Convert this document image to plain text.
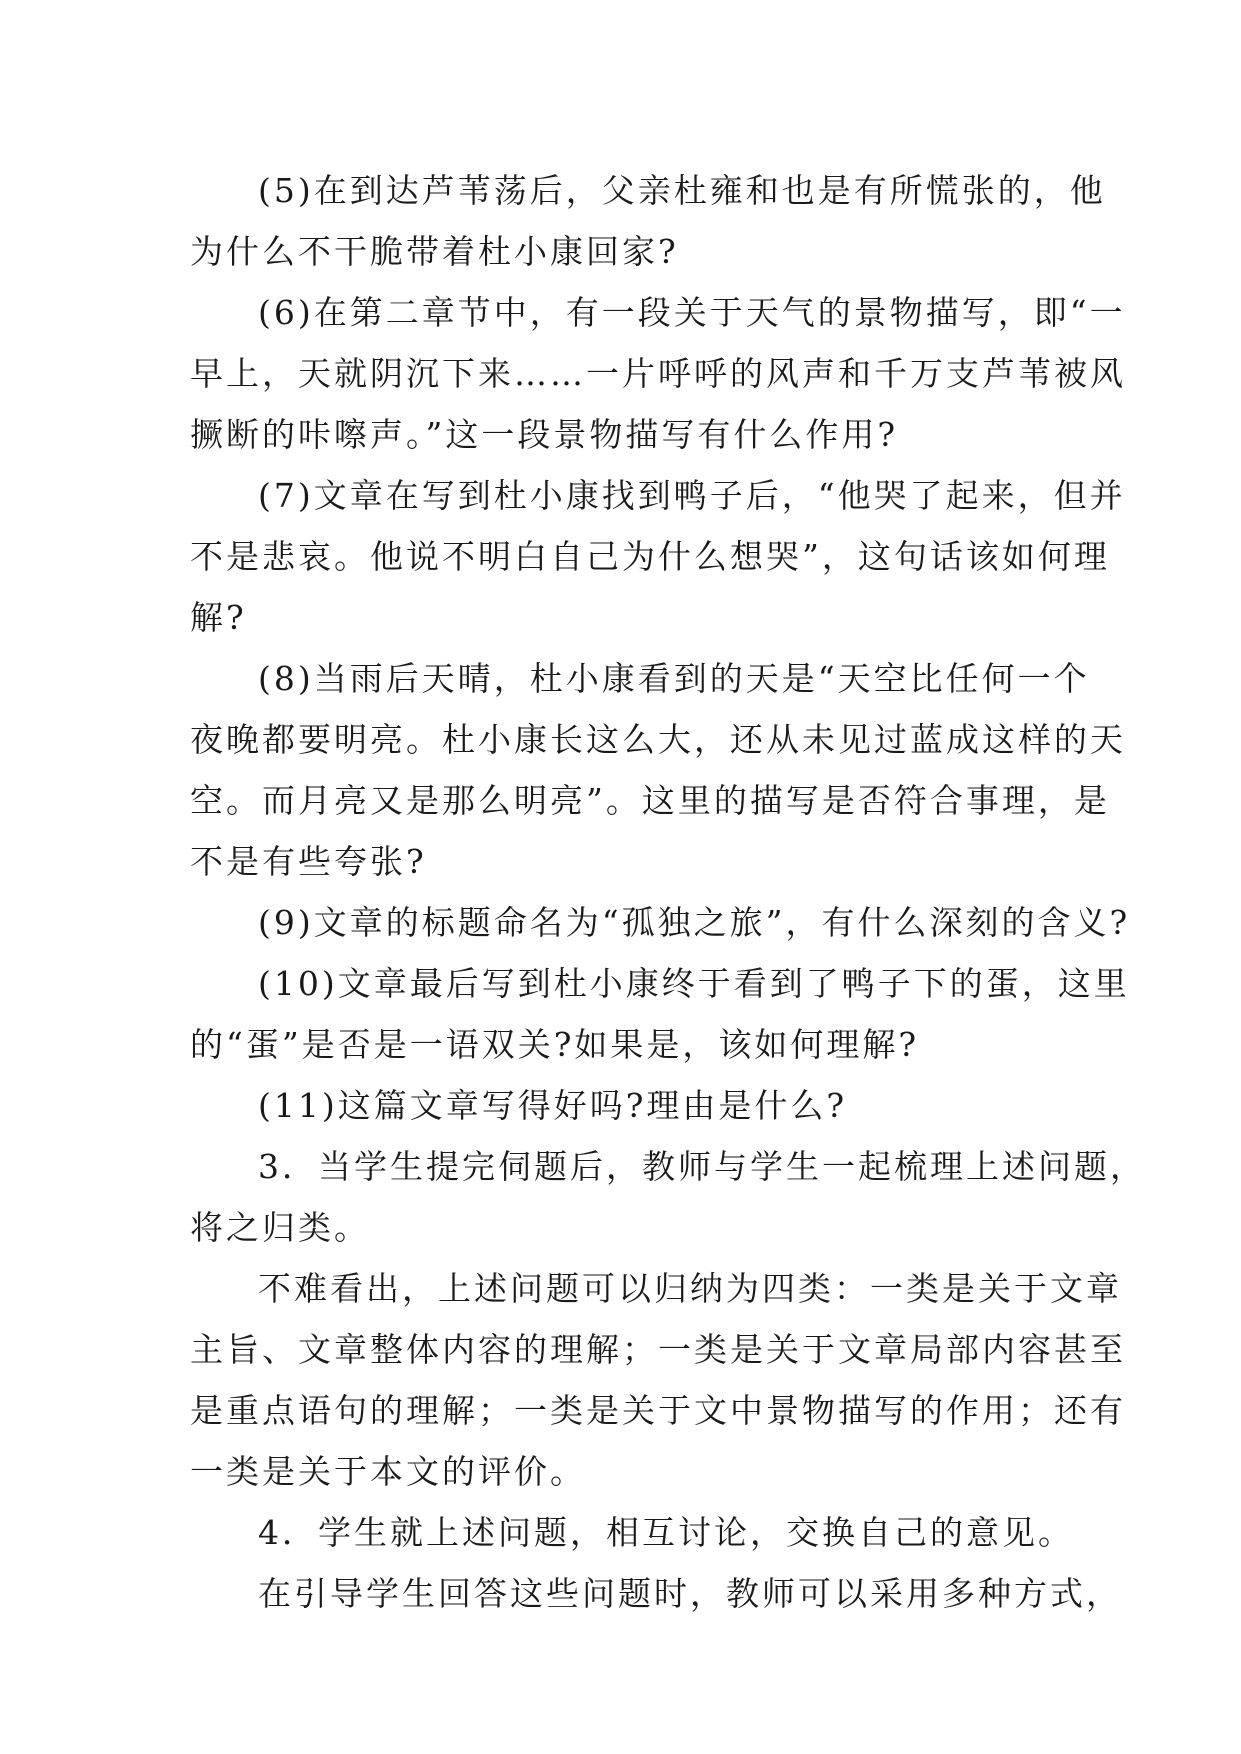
(5)在到达芦苇荡后，父亲杜雍和也是有所慌张的，他
为什么不干脆带着杜小康回家?
(6)在第二章节中，有一段关于天气的景物描写，即“一
早上，天就阴沉下来……一片呼呼的风声和千万支芦苇被风
撅断的咔嚓声。”这一段景物描写有什么作用?
(7)文章在写到杜小康找到鸭子后，“他哭了起来，但并
不是悲哀。他说不明白自己为什么想哭”，这句话该如何理
解?
(8)当雨后天晴，杜小康看到的天是“天空比任何一个
夜晚都要明亮。杜小康长这么大，还从未见过蓝成这样的天
空。而月亮又是那么明亮”。这里的描写是否符合事理，是
不是有些夸张?
(9)文章的标题命名为“孤独之旅”，有什么深刻的含义?
(10)文章最后写到杜小康终于看到了鸭子下的蛋，这里
的“蛋”是否是一语双关?如果是，该如何理解?
(11)这篇文章写得好吗?理由是什么?
3．当学生提完伺题后，教师与学生一起梳理上述问题，
将之归类。
不难看出，上述问题可以归纳为四类：一类是关于文章
主旨、文章整体内容的理解；一类是关于文章局部内容甚至
是重点语句的理解；一类是关于文中景物描写的作用；还有
一类是关于本文的评价。
4．学生就上述问题，相互讨论，交换自己的意见。
在引导学生回答这些问题时，教师可以采用多种方式，
